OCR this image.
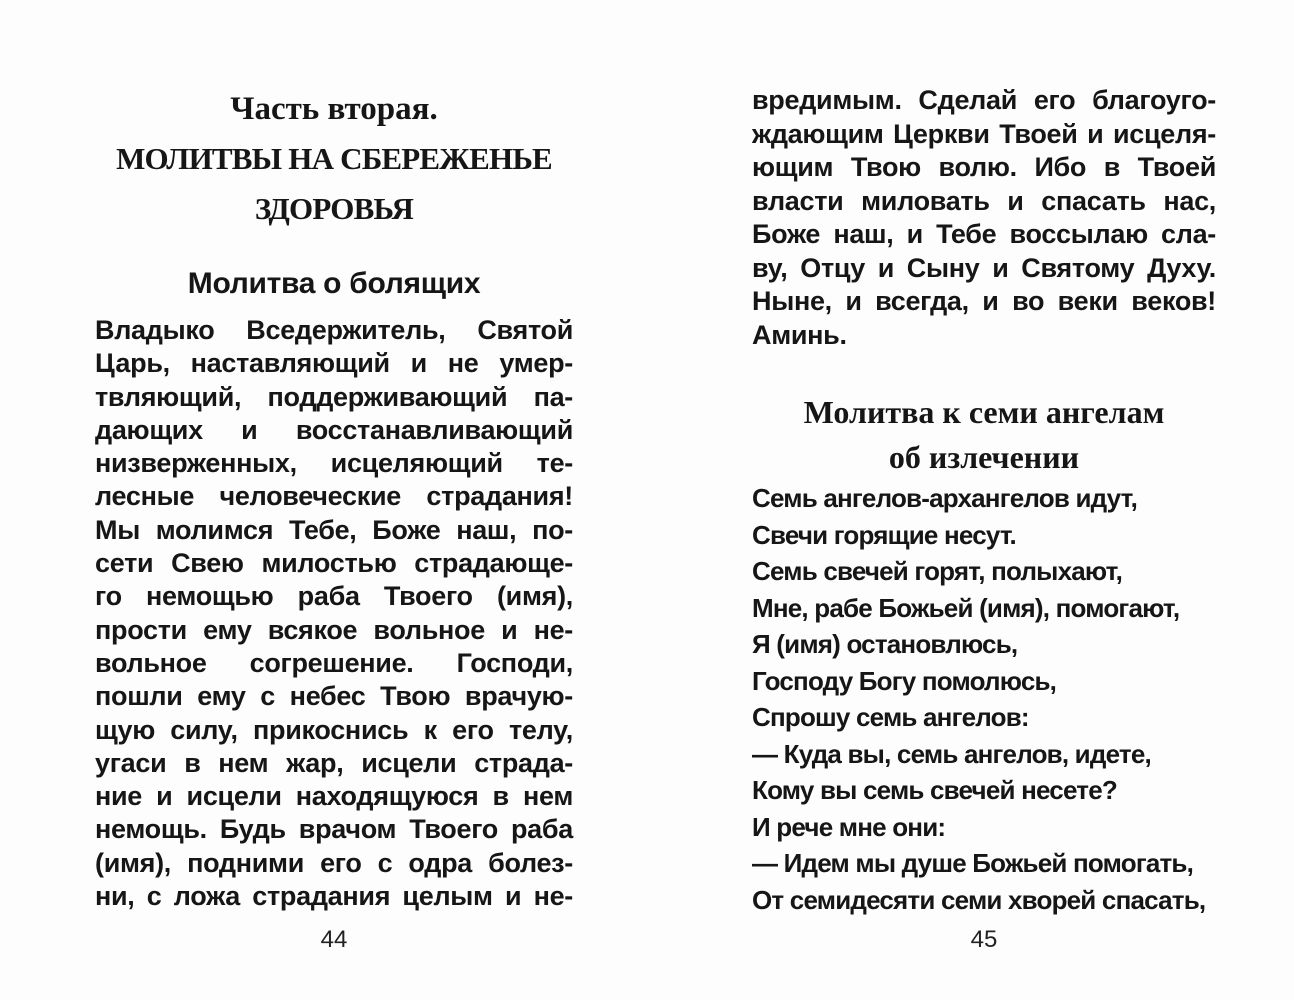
Часть вторая.
МОЛИТВЫ НА СБЕРЕЖЕНЬЕ
ЗДОРОВЬЯ
Молитва о болящих
Владыко Вседержитель, Святой
Царь, наставляющий и не умер-
твляющий, поддерживающий па-
дающих и восстанавливающий
низверженных, исцеляющий те-
лесные человеческие страдания!
Мы молимся Тебе, Боже наш, по-
сети Свею милостью страдающе-
го немощью раба Твоего (имя),
прости ему всякое вольное и не-
вольное согрешение. Господи,
пошли ему с небес Твою врачую-
щую силу, прикоснись к его телу,
угаси в нем жар, исцели страда-
ние и исцели находящуюся в нем
немощь. Будь врачом Твоего раба
(имя), подними его с одра болез-
ни, с ложа страдания целым и не-
вредимым. Сделай его благоуго-
ждающим Церкви Твоей и исцеля-
ющим Твою волю. Ибо в Твоей
власти миловать и спасать нас,
Боже наш, и Тебе воссылаю сла-
ву, Отцу и Сыну и Святому Духу.
Ныне, и всегда, и во веки веков!
Аминь.
Молитва к семи ангелам
об излечении
Семь ангелов-архангелов идут,
Свечи горящие несут.
Семь свечей горят, полыхают,
Мне, рабе Божьей (имя), помогают,
Я (имя) остановлюсь,
Господу Богу помолюсь,
Спрошу семь ангелов:
— Куда вы, семь ангелов, идете,
Кому вы семь свечей несете?
И рече мне они:
— Идем мы душе Божьей помогать,
От семидесяти семи хворей спасать,
44	45
